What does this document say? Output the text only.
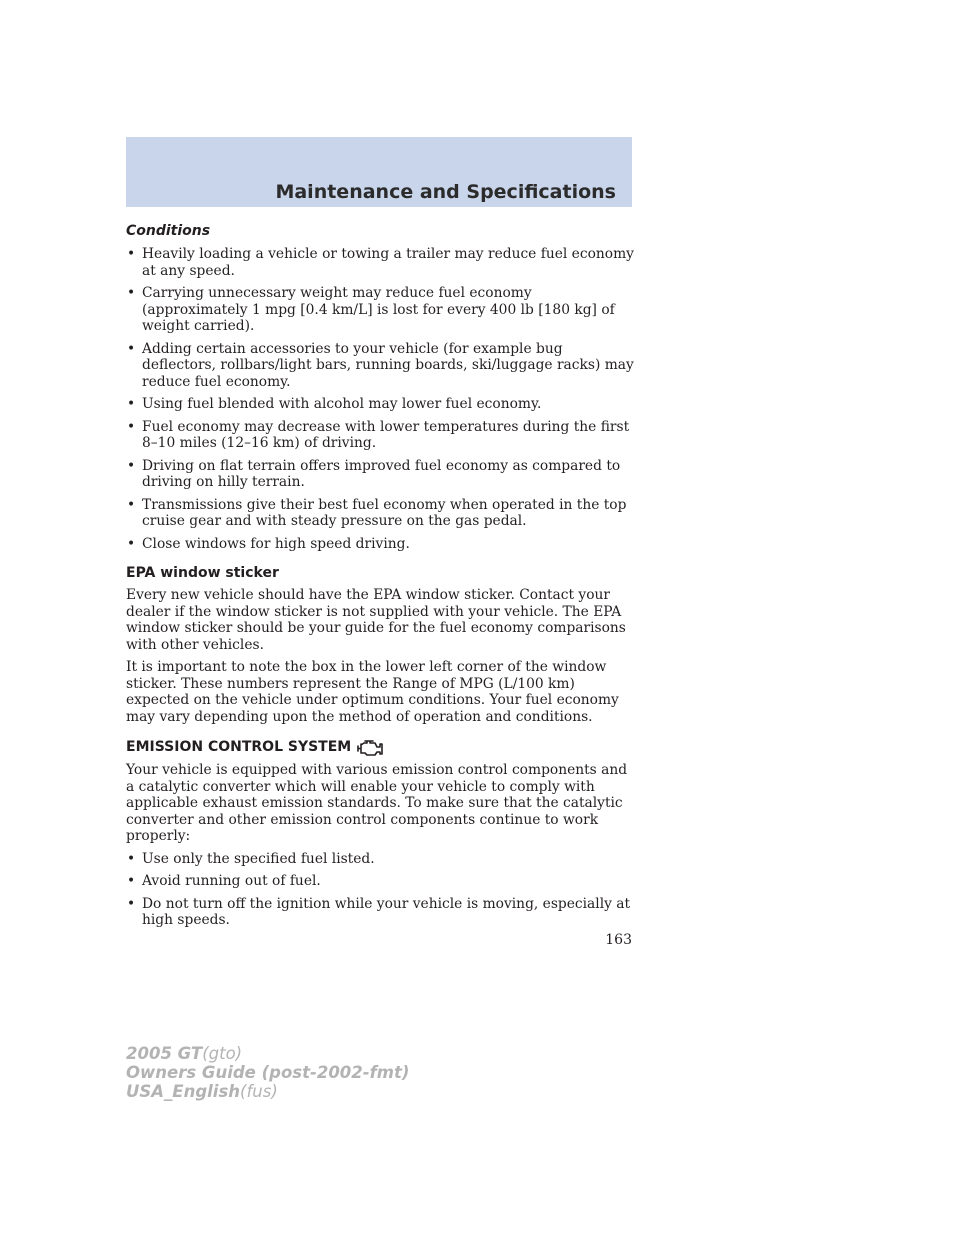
Maintenance and Specifications
Conditions
• Heavily loading a vehicle or towing a trailer may reduce fuel economy at any speed.
• Carrying unnecessary weight may reduce fuel economy (approximately 1 mpg [0.4 km/L] is lost for every 400 lb [180 kg] of weight carried).
• Adding certain accessories to your vehicle (for example bug deflectors, rollbars/light bars, running boards, ski/luggage racks) may reduce fuel economy.
• Using fuel blended with alcohol may lower fuel economy.
• Fuel economy may decrease with lower temperatures during the first 8–10 miles (12–16 km) of driving.
• Driving on flat terrain offers improved fuel economy as compared to driving on hilly terrain.
• Transmissions give their best fuel economy when operated in the top cruise gear and with steady pressure on the gas pedal.
• Close windows for high speed driving.
EPA window sticker

Every new vehicle should have the EPA window sticker. Contact your dealer if the window sticker is not supplied with your vehicle. The EPA window sticker should be your guide for the fuel economy comparisons with other vehicles.

It is important to note the box in the lower left corner of the window sticker. These numbers represent the Range of MPG (L/100 km) expected on the vehicle under optimum conditions. Your fuel economy may vary depending upon the method of operation and conditions.

EMISSION CONTROL SYSTEM

Your vehicle is equipped with various emission control components and a catalytic converter which will enable your vehicle to comply with applicable exhaust emission standards. To make sure that the catalytic converter and other emission control components continue to work properly:

• Use only the specified fuel listed.
• Avoid running out of fuel.
• Do not turn off the ignition while your vehicle is moving, especially at high speeds.
163
2005 GT(gto)
Owners Guide (post-2002-fmt)
USA_English(fus)
